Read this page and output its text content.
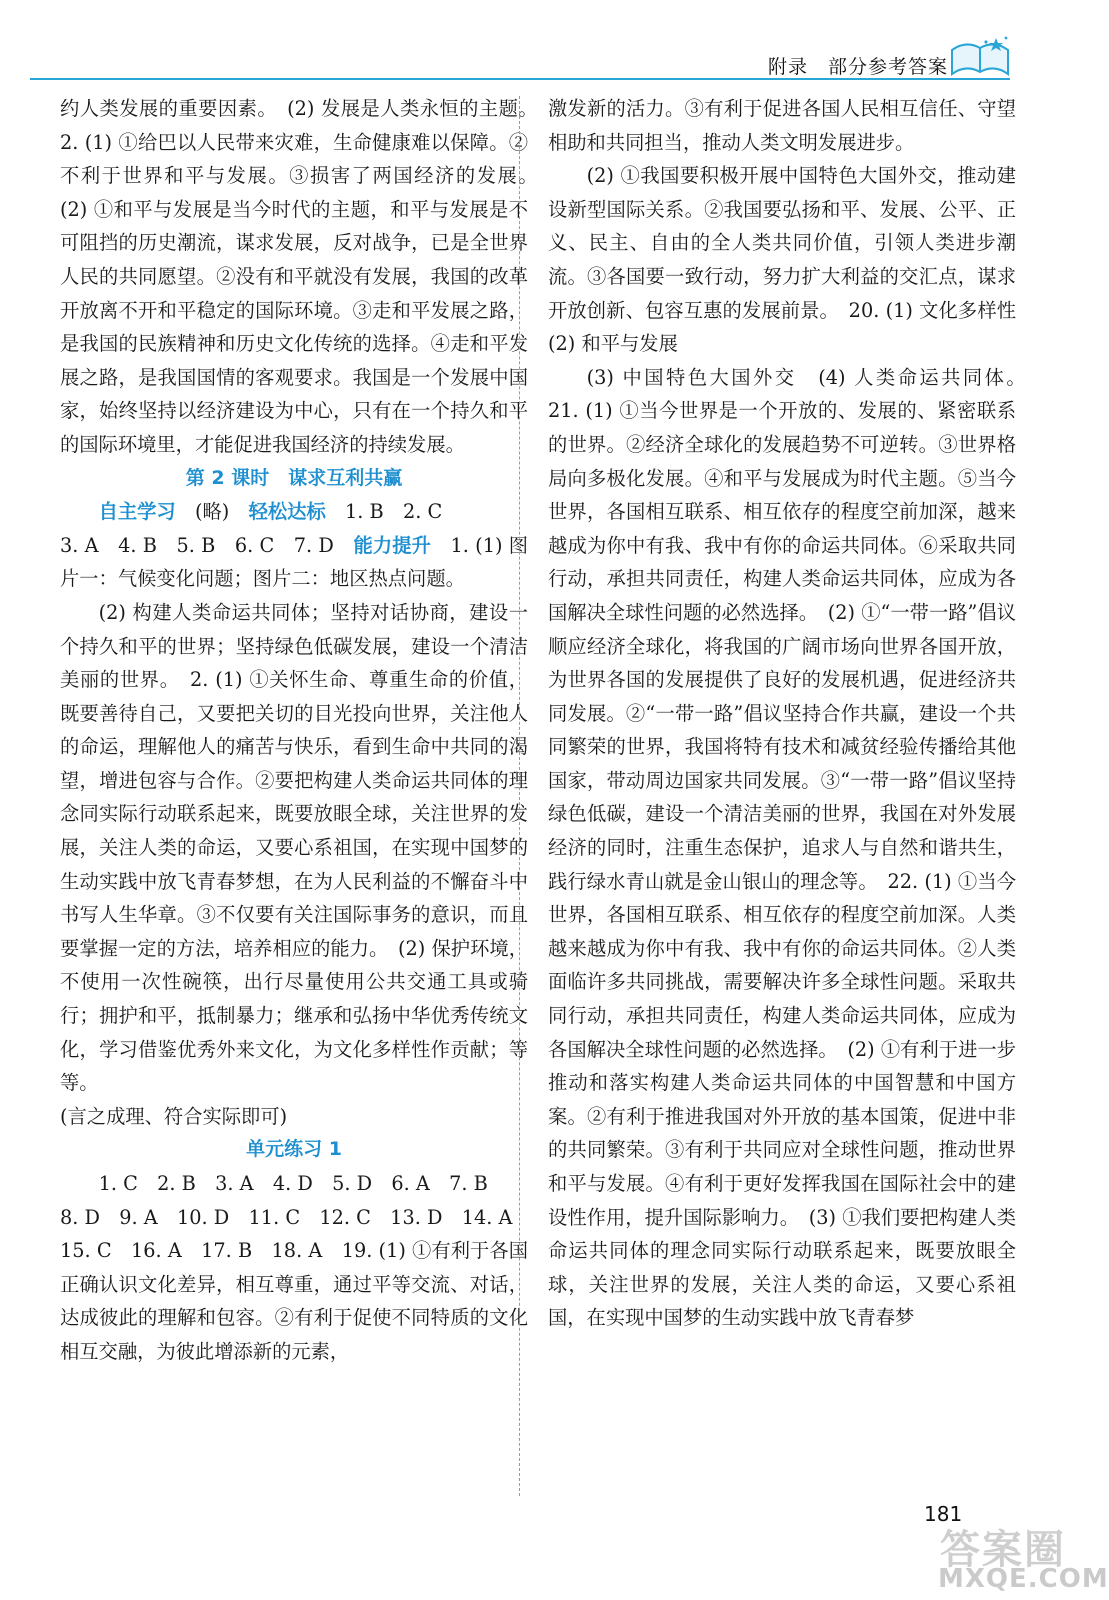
附录　部分参考答案

约人类发展的重要因素。　(2) 发展是人类永恒的主题。　2. (1) ①给巴以人民带来灾难，生命健康难以保障。②不利于世界和平与发展。③损害了两国经济的发展。　(2) ①和平与发展是当今时代的主题，和平与发展是不可阻挡的历史潮流，谋求发展，反对战争，已是全世界人民的共同愿望。②没有和平就没有发展，我国的改革开放离不开和平稳定的国际环境。③走和平发展之路，是我国的民族精神和历史文化传统的选择。④走和平发展之路，是我国国情的客观要求。我国是一个发展中国家，始终坚持以经济建设为中心，只有在一个持久和平的国际环境里，才能促进我国经济的持续发展。

第 2 课时　谋求互利共赢

自主学习　 (略)　 轻松达标　 1. B　2. C

3. A　4. B　5. B　6. C　7. D　 能力提升　 1. (1) 图片一：气候变化问题；图片二：地区热点问题。

(2) 构建人类命运共同体；坚持对话协商，建设一个持久和平的世界；坚持绿色低碳发展，建设一个清洁美丽的世界。　2. (1) ①关怀生命、尊重生命的价值，既要善待自己，又要把关切的目光投向世界，关注他人的命运，理解他人的痛苦与快乐，看到生命中共同的渴望，增进包容与合作。②要把构建人类命运共同体的理念同实际行动联系起来，既要放眼全球，关注世界的发展，关注人类的命运，又要心系祖国，在实现中国梦的生动实践中放飞青春梦想，在为人民利益的不懈奋斗中书写人生华章。③不仅要有关注国际事务的意识，而且要掌握一定的方法，培养相应的能力。　(2) 保护环境，不使用一次性碗筷，出行尽量使用公共交通工具或骑行；拥护和平，抵制暴力；继承和弘扬中华优秀传统文化，学习借鉴优秀外来文化，为文化多样性作贡献；等等。

(言之成理、符合实际即可)

单元练习 1

1. C　2. B　3. A　4. D　5. D　6. A　7. B

8. D　9. A　10. D　11. C　12. C　13. D　14. A

15. C　16. A　17. B　18. A　19. (1) ①有利于各国正确认识文化差异，相互尊重，通过平等交流、对话，达成彼此的理解和包容。②有利于促使不同特质的文化相互交融，为彼此增添新的元素，

激发新的活力。③有利于促进各国人民相互信任、守望相助和共同担当，推动人类文明发展进步。

(2) ①我国要积极开展中国特色大国外交，推动建设新型国际关系。②我国要弘扬和平、发展、公平、正义、民主、自由的全人类共同价值，引领人类进步潮流。③各国要一致行动，努力扩大利益的交汇点，谋求开放创新、包容互惠的发展前景。　20. (1) 文化多样性　(2) 和平与发展

(3) 中国特色大国外交　(4) 人类命运共同体。　21. (1) ①当今世界是一个开放的、发展的、紧密联系的世界。②经济全球化的发展趋势不可逆转。③世界格局向多极化发展。④和平与发展成为时代主题。⑤当今世界，各国相互联系、相互依存的程度空前加深，越来越成为你中有我、我中有你的命运共同体。⑥采取共同行动，承担共同责任，构建人类命运共同体，应成为各国解决全球性问题的必然选择。　(2) ①“一带一路”倡议顺应经济全球化，将我国的广阔市场向世界各国开放，为世界各国的发展提供了良好的发展机遇，促进经济共同发展。②“一带一路”倡议坚持合作共赢，建设一个共同繁荣的世界，我国将特有技术和减贫经验传播给其他国家，带动周边国家共同发展。③“一带一路”倡议坚持绿色低碳，建设一个清洁美丽的世界，我国在对外发展经济的同时，注重生态保护，追求人与自然和谐共生，践行绿水青山就是金山银山的理念等。　22. (1) ①当今世界，各国相互联系、相互依存的程度空前加深。人类越来越成为你中有我、我中有你的命运共同体。②人类面临许多共同挑战，需要解决许多全球性问题。采取共同行动，承担共同责任，构建人类命运共同体，应成为各国解决全球性问题的必然选择。　(2) ①有利于进一步推动和落实构建人类命运共同体的中国智慧和中国方案。②有利于推进我国对外开放的基本国策，促进中非的共同繁荣。③有利于共同应对全球性问题，推动世界和平与发展。④有利于更好发挥我国在国际社会中的建设性作用，提升国际影响力。　(3) ①我们要把构建人类命运共同体的理念同实际行动联系起来，既要放眼全球，关注世界的发展，关注人类的命运，又要心系祖国，在实现中国梦的生动实践中放飞青春梦

181
答案圈
MXQE.COM
